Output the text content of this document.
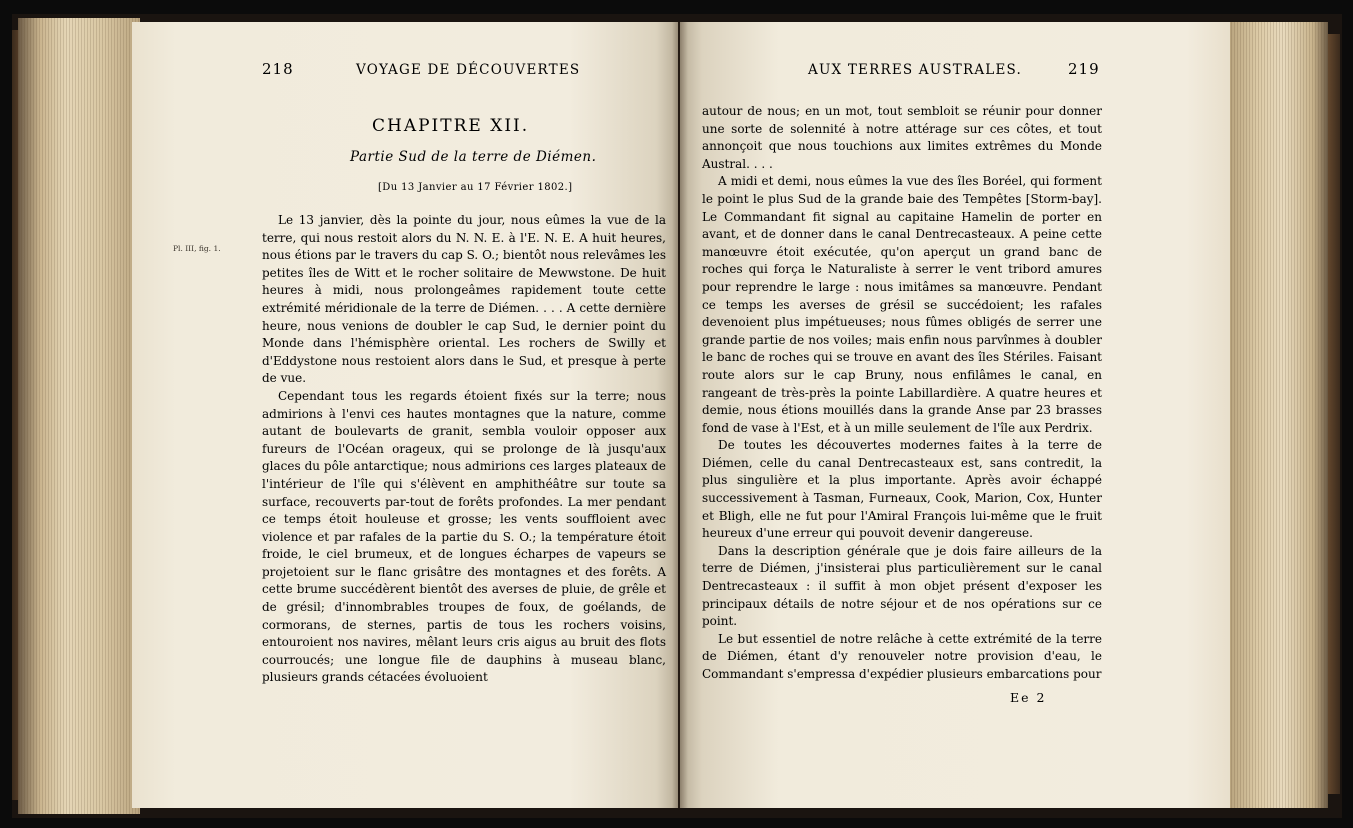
218	VOYAGE DE DÉCOUVERTES
CHAPITRE XII.
Partie Sud de la terre de Diémen.
[Du 13 Janvier au 17 Février 1802.]
Pl. III, fig. 1.

Le 13 janvier, dès la pointe du jour, nous eûmes la vue de la terre, qui nous restoit alors du N. N. E. à l'E. N. E. A huit heures, nous étions par le travers du cap S. O.; bientôt nous relevâmes les petites îles de Witt et le rocher solitaire de Mewwstone. De huit heures à midi, nous prolongeâmes rapidement toute cette extrémité méridionale de la terre de Diémen. . . . A cette dernière heure, nous venions de doubler le cap Sud, le dernier point du Monde dans l'hémisphère oriental. Les rochers de Swilly et d'Eddystone nous restoient alors dans le Sud, et presque à perte de vue.

Cependant tous les regards étoient fixés sur la terre; nous admirions à l'envi ces hautes montagnes que la nature, comme autant de boulevarts de granit, sembla vouloir opposer aux fureurs de l'Océan orageux, qui se prolonge de là jusqu'aux glaces du pôle antarctique; nous admirions ces larges plateaux de l'intérieur de l'île qui s'élèvent en amphithéâtre sur toute sa surface, recouverts par-tout de forêts profondes. La mer pendant ce temps étoit houleuse et grosse; les vents souffloient avec violence et par rafales de la partie du S. O.; la température étoit froide, le ciel brumeux, et de longues écharpes de vapeurs se projetoient sur le flanc grisâtre des montagnes et des forêts. A cette brume succédèrent bientôt des averses de pluie, de grêle et de grésil; d'innombrables troupes de foux, de goélands, de cormorans, de sternes, partis de tous les rochers voisins, entouroient nos navires, mêlant leurs cris aigus au bruit des flots courroucés; une longue file de dauphins à museau blanc, plusieurs grands cétacées évoluoient

AUX TERRES AUSTRALES.	219

autour de nous; en un mot, tout sembloit se réunir pour donner une sorte de solennité à notre attérage sur ces côtes, et tout annonçoit que nous touchions aux limites extrêmes du Monde Austral. . . .

A midi et demi, nous eûmes la vue des îles Boréel, qui forment le point le plus Sud de la grande baie des Tempêtes [Storm-bay]. Le Commandant fit signal au capitaine Hamelin de porter en avant, et de donner dans le canal Dentrecasteaux. A peine cette manœuvre étoit exécutée, qu'on aperçut un grand banc de roches qui força le Naturaliste à serrer le vent tribord amures pour reprendre le large : nous imitâmes sa manœuvre. Pendant ce temps les averses de grésil se succédoient; les rafales devenoient plus impétueuses; nous fûmes obligés de serrer une grande partie de nos voiles; mais enfin nous parvînmes à doubler le banc de roches qui se trouve en avant des îles Stériles. Faisant route alors sur le cap Bruny, nous enfilâmes le canal, en rangeant de très-près la pointe Labillardière. A quatre heures et demie, nous étions mouillés dans la grande Anse par 23 brasses fond de vase à l'Est, et à un mille seulement de l'île aux Perdrix.

De toutes les découvertes modernes faites à la terre de Diémen, celle du canal Dentrecasteaux est, sans contredit, la plus singulière et la plus importante. Après avoir échappé successivement à Tasman, Furneaux, Cook, Marion, Cox, Hunter et Bligh, elle ne fut pour l'Amiral François lui-même que le fruit heureux d'une erreur qui pouvoit devenir dangereuse.

Dans la description générale que je dois faire ailleurs de la terre de Diémen, j'insisterai plus particulièrement sur le canal Dentrecasteaux : il suffit à mon objet présent d'exposer les principaux détails de notre séjour et de nos opérations sur ce point.

Le but essentiel de notre relâche à cette extrémité de la terre de Diémen, étant d'y renouveler notre provision d'eau, le Commandant s'empressa d'expédier plusieurs embarcations pour

Ee 2
